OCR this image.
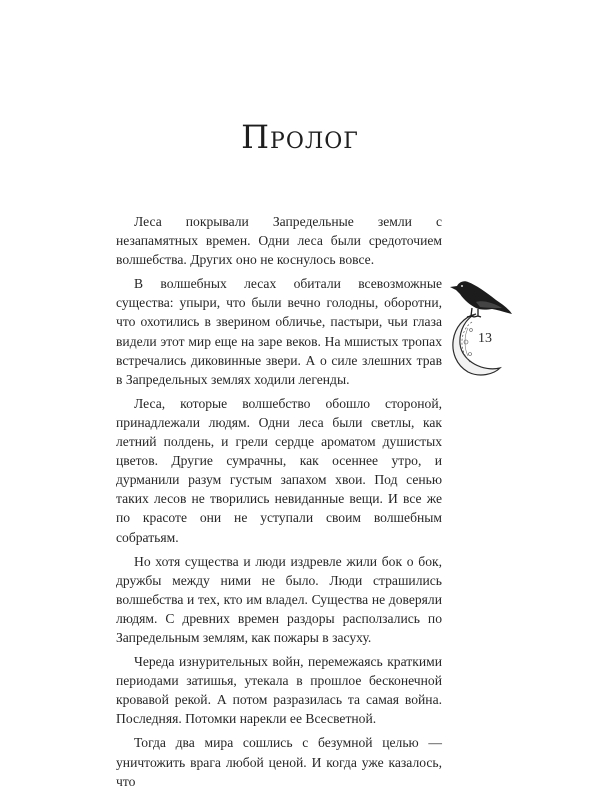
Пролог

Леса покрывали Запредельные земли с незапамятных времен. Одни леса были средоточием волшебства. Других оно не коснулось вовсе.

В волшебных лесах обитали всевозможные существа: упыри, что были вечно голодны, оборотни, что охотились в зверином обличье, пастыри, чьи глаза видели этот мир еще на заре веков. На мшистых тропах встречались диковинные звери. А о силе злешних трав в Запредельных землях ходили легенды.

Леса, которые волшебство обошло стороной, принадлежали людям. Одни леса были светлы, как летний полдень, и грели сердце ароматом душистых цветов. Другие сумрачны, как осеннее утро, и дурманили разум густым запахом хвои. Под сенью таких лесов не творились невиданные вещи. И все же по красоте они не уступали своим волшебным собратьям.

Но хотя существа и люди издревле жили бок о бок, дружбы между ними не было. Люди страшились волшебства и тех, кто им владел. Существа не доверяли людям. С древних времен раздоры расползались по Запредельным землям, как пожары в засуху.

Череда изнурительных войн, перемежаясь краткими периодами затишья, утекала в прошлое бесконечной кровавой рекой. А потом разразилась та самая война. Последняя. Потомки нарекли ее Всесветной.

Тогда два мира сошлись с безумной целью — уничтожить врага любой ценой. И когда уже казалось, что

13
